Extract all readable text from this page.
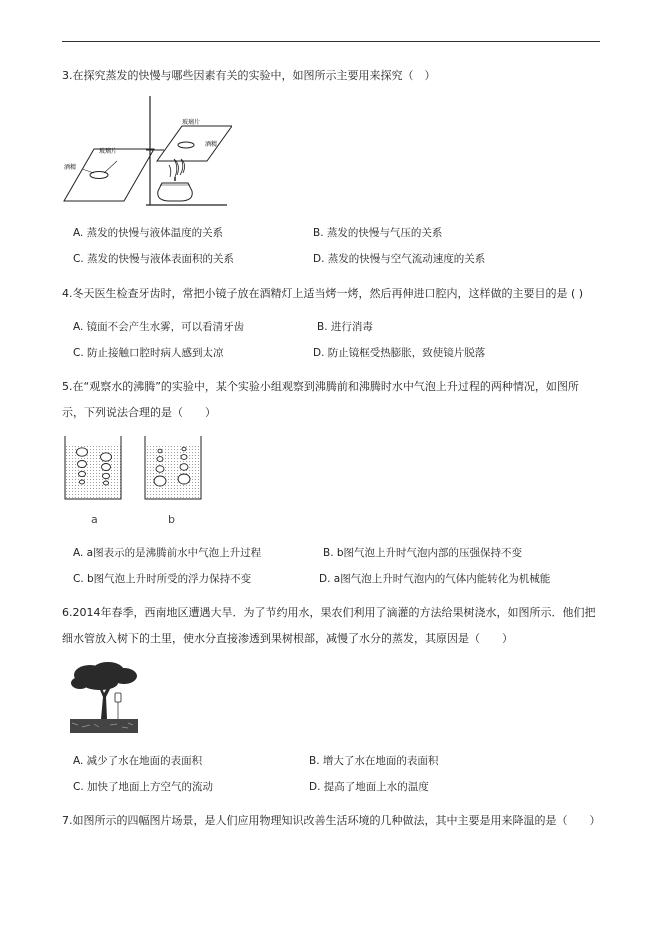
3.在探究蒸发的快慢与哪些因素有关的实验中，如图所示主要用来探究（　）
玻璃片
酒精
玻璃片
酒精
A. 蒸发的快慢与液体温度的关系	B. 蒸发的快慢与气压的关系
C. 蒸发的快慢与液体表面积的关系	D. 蒸发的快慢与空气流动速度的关系
4.冬天医生检查牙齿时，常把小镜子放在酒精灯上适当烤一烤，然后再伸进口腔内，这样做的主要目的是 ( )
A. 镜面不会产生水雾，可以看清牙齿	B. 进行消毒
C. 防止接触口腔时病人感到太凉	D. 防止镜框受热膨胀，致使镜片脱落
5.在“观察水的沸腾”的实验中，某个实验小组观察到沸腾前和沸腾时水中气泡上升过程的两种情况，如图所示，下列说法合理的是（　　）
a	b
A. a图表示的是沸腾前水中气泡上升过程	B. b图气泡上升时气泡内部的压强保持不变
C. b图气泡上升时所受的浮力保持不变	D. a图气泡上升时气泡内的气体内能转化为机械能
6.2014年春季，西南地区遭遇大旱．为了节约用水，果农们利用了滴灌的方法给果树浇水，如图所示．他们把细水管放入树下的土里，使水分直接渗透到果树根部，减慢了水分的蒸发，其原因是（　　）
A. 减少了水在地面的表面积	B. 增大了水在地面的表面积
C. 加快了地面上方空气的流动	D. 提高了地面上水的温度
7.如图所示的四幅图片场景，是人们应用物理知识改善生活环境的几种做法，其中主要是用来降温的是（　　）
